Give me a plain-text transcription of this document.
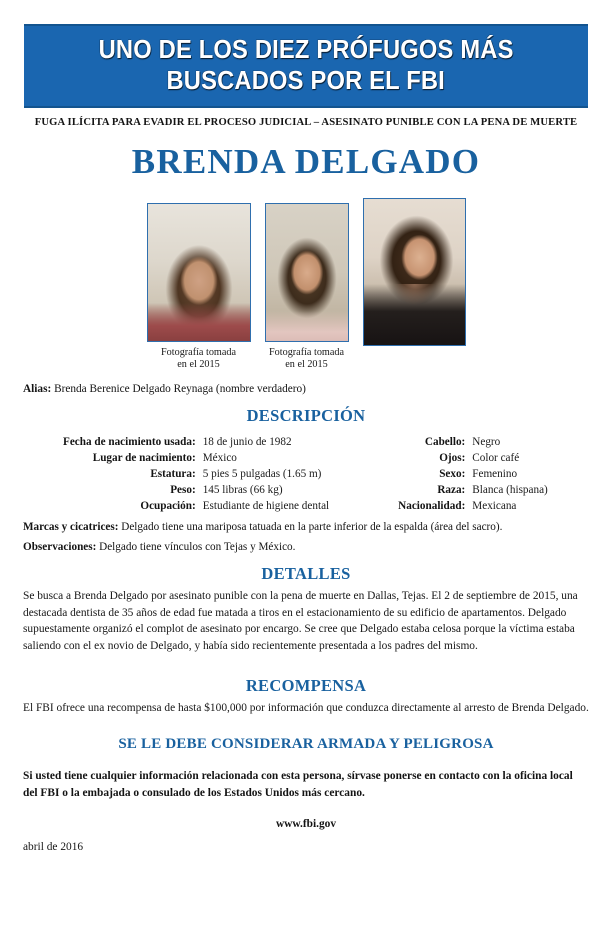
UNO DE LOS DIEZ PRÓFUGOS MÁS
BUSCADOS POR EL FBI
FUGA ILÍCITA PARA EVADIR EL PROCESO JUDICIAL – ASESINATO PUNIBLE CON LA PENA DE MUERTE
BRENDA DELGADO
Fotografía tomada
en el 2015
Fotografía tomada
en el 2015
Alias: Brenda Berenice Delgado Reynaga (nombre verdadero)
DESCRIPCIÓN
Fecha de nacimiento usada: 18 de junio de 1982
Lugar de nacimiento: México
Estatura: 5 pies 5 pulgadas (1.65 m)
Peso: 145 libras (66 kg)
Ocupación: Estudiante de higiene dental
Cabello: Negro
Ojos: Color café
Sexo: Femenino
Raza: Blanca (hispana)
Nacionalidad: Mexicana
Marcas y cicatrices: Delgado tiene una mariposa tatuada en la parte inferior de la espalda (área del sacro).
Observaciones: Delgado tiene vínculos con Tejas y México.
DETALLES
Se busca a Brenda Delgado por asesinato punible con la pena de muerte en Dallas, Tejas. El 2 de septiembre de 2015, una destacada dentista de 35 años de edad fue matada a tiros en el estacionamiento de su edificio de apartamentos. Delgado supuestamente organizó el complot de asesinato por encargo. Se cree que Delgado estaba celosa porque la víctima estaba saliendo con el ex novio de Delgado, y había sido recientemente presentada a los padres del mismo.
RECOMPENSA
El FBI ofrece una recompensa de hasta $100,000 por información que conduzca directamente al arresto de Brenda Delgado.
SE LE DEBE CONSIDERAR ARMADA Y PELIGROSA
Si usted tiene cualquier información relacionada con esta persona, sírvase ponerse en contacto con la oficina local del FBI o la embajada o consulado de los Estados Unidos más cercano.
www.fbi.gov
abril de 2016
